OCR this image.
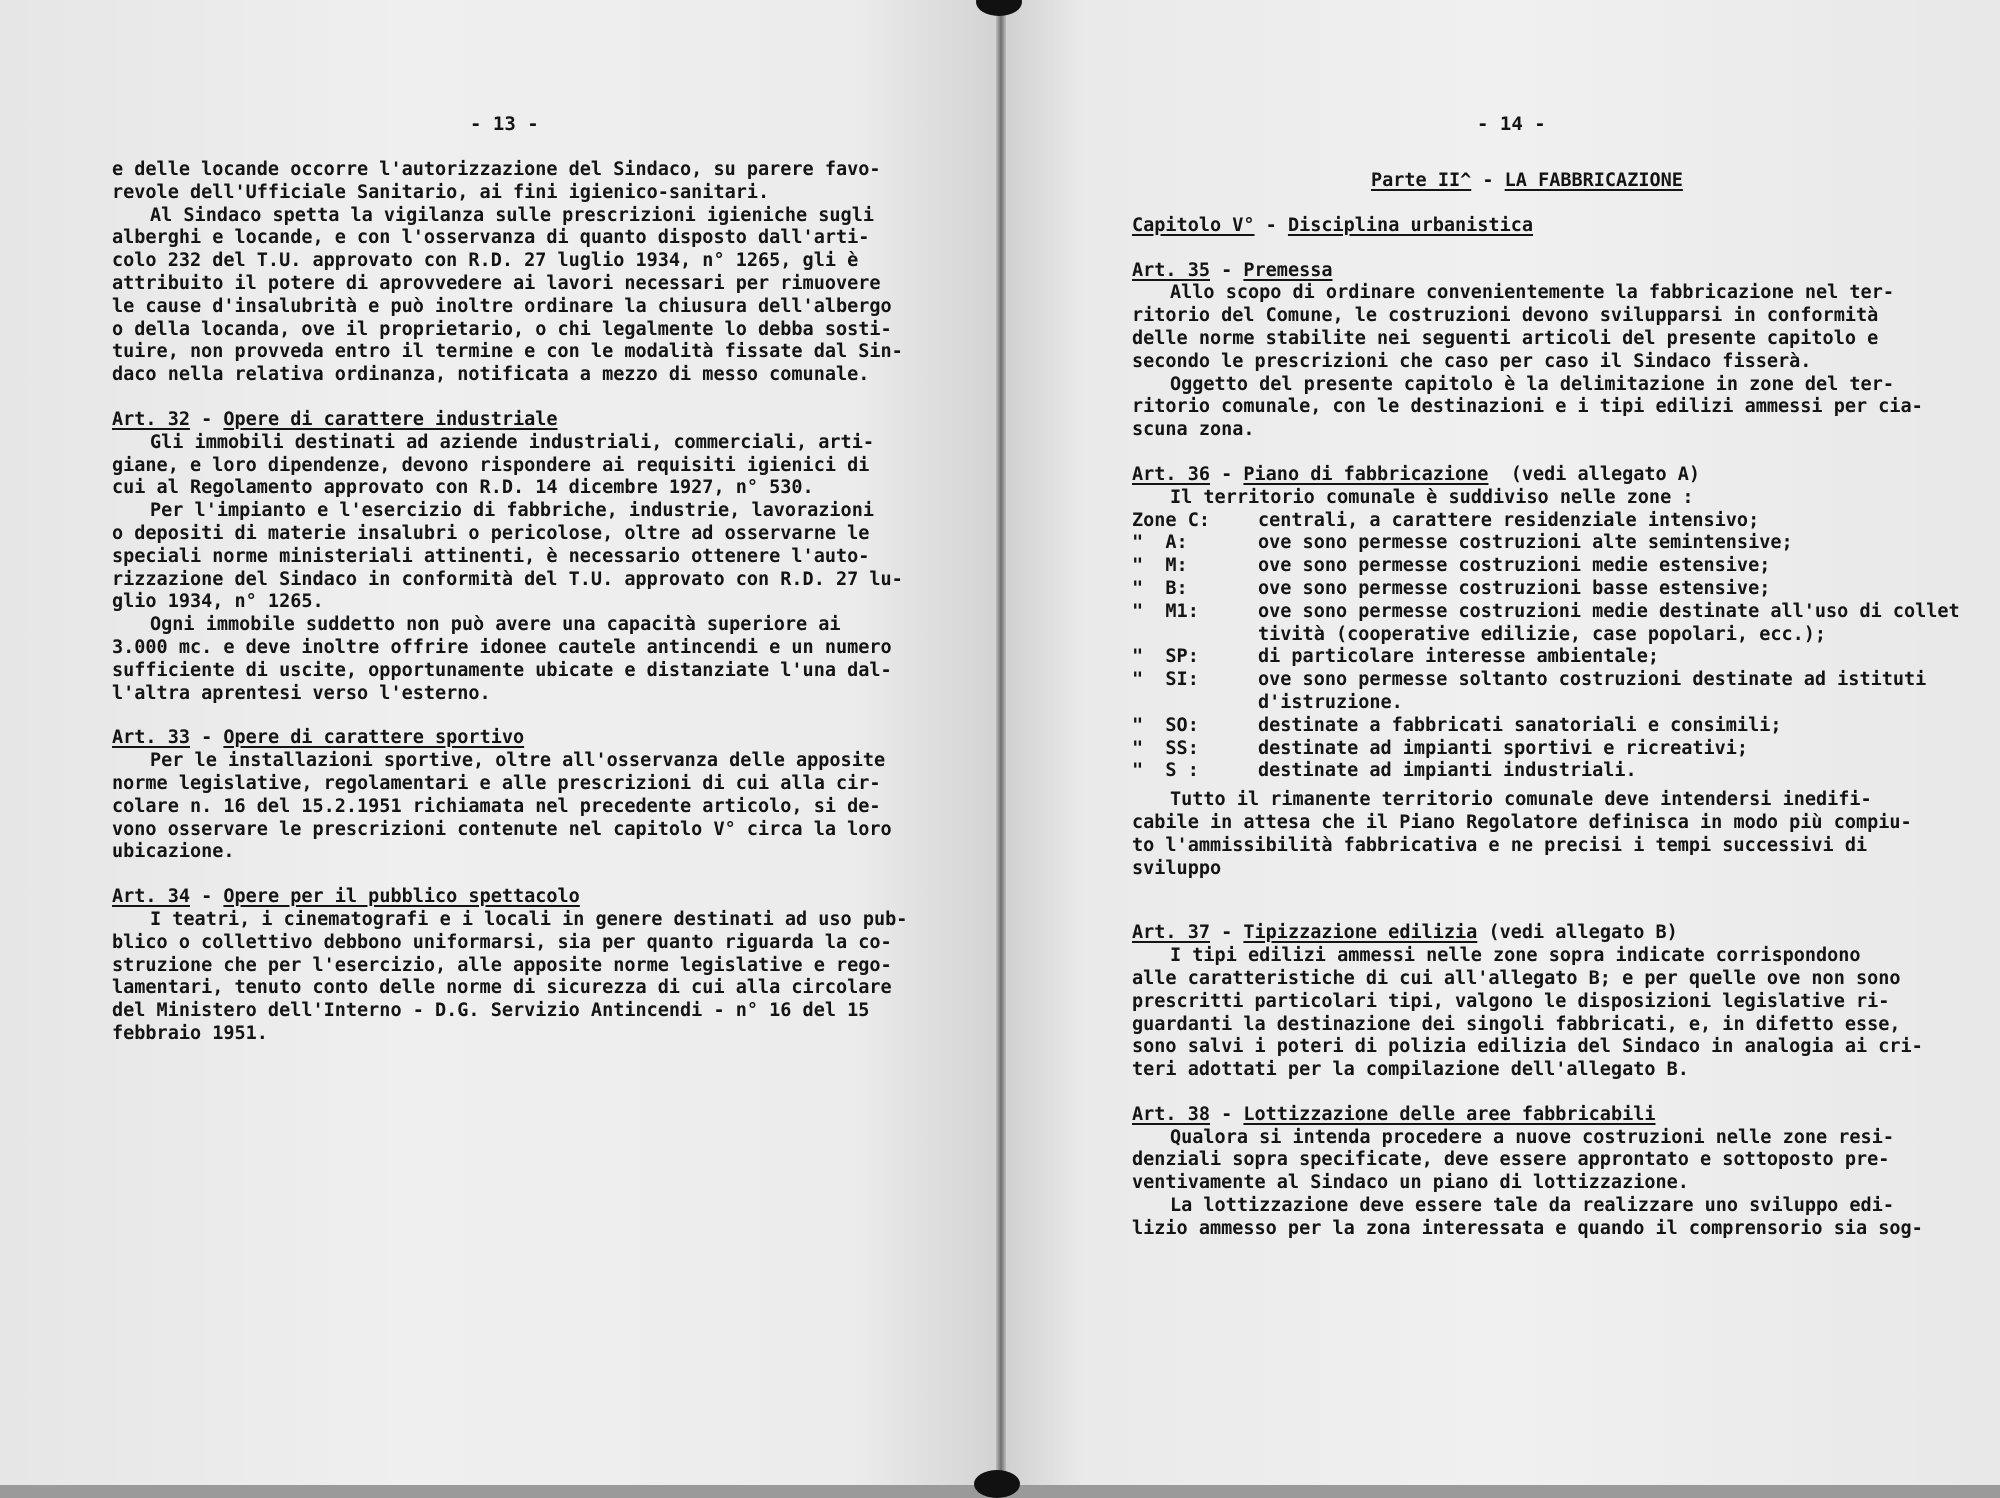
- 13 -
e delle locande occorre l'autorizzazione del Sindaco, su parere favo-
revole dell'Ufficiale Sanitario, ai fini igienico-sanitari.
Al Sindaco spetta la vigilanza sulle prescrizioni igieniche sugli
alberghi e locande, e con l'osservanza di quanto disposto dall'arti-
colo 232 del T.U. approvato con R.D. 27 luglio 1934, n° 1265, gli è
attribuito il potere di aprovvedere ai lavori necessari per rimuovere
le cause d'insalubrità e può inoltre ordinare la chiusura dell'albergo
o della locanda, ove il proprietario, o chi legalmente lo debba sosti-
tuire, non provveda entro il termine e con le modalità fissate dal Sin-
daco nella relativa ordinanza, notificata a mezzo di messo comunale.
Art. 32 - Opere di carattere industriale
Gli immobili destinati ad aziende industriali, commerciali, arti-
giane, e loro dipendenze, devono rispondere ai requisiti igienici di
cui al Regolamento approvato con R.D. 14 dicembre 1927, n° 530.
Per l'impianto e l'esercizio di fabbriche, industrie, lavorazioni
o depositi di materie insalubri o pericolose, oltre ad osservarne le
speciali norme ministeriali attinenti, è necessario ottenere l'auto-
rizzazione del Sindaco in conformità del T.U. approvato con R.D. 27 lu-
glio 1934, n° 1265.
Ogni immobile suddetto non può avere una capacità superiore ai
3.000 mc. e deve inoltre offrire idonee cautele antincendi e un numero
sufficiente di uscite, opportunamente ubicate e distanziate l'una dal-
l'altra aprentesi verso l'esterno.
Art. 33 - Opere di carattere sportivo
Per le installazioni sportive, oltre all'osservanza delle apposite
norme legislative, regolamentari e alle prescrizioni di cui alla cir-
colare n. 16 del 15.2.1951 richiamata nel precedente articolo, si de-
vono osservare le prescrizioni contenute nel capitolo V° circa la loro
ubicazione.
Art. 34 - Opere per il pubblico spettacolo
I teatri, i cinematografi e i locali in genere destinati ad uso pub-
blico o collettivo debbono uniformarsi, sia per quanto riguarda la co-
struzione che per l'esercizio, alle apposite norme legislative e rego-
lamentari, tenuto conto delle norme di sicurezza di cui alla circolare
del Ministero dell'Interno - D.G. Servizio Antincendi - n° 16 del 15
febbraio 1951.
- 14 -
Parte II^ - LA FABBRICAZIONE
Capitolo V° - Disciplina urbanistica
Art. 35 - Premessa
Allo scopo di ordinare convenientemente la fabbricazione nel ter-
ritorio del Comune, le costruzioni devono svilupparsi in conformità
delle norme stabilite nei seguenti articoli del presente capitolo e
secondo le prescrizioni che caso per caso il Sindaco fisserà.
Oggetto del presente capitolo è la delimitazione in zone del ter-
ritorio comunale, con le destinazioni e i tipi edilizi ammessi per cia-
scuna zona.
Art. 36 - Piano di fabbricazione (vedi allegato A)
Il territorio comunale è suddiviso nelle zone :
Zone C:	centrali, a carattere residenziale intensivo;
"  A:	ove sono permesse costruzioni alte semintensive;
"  M:	ove sono permesse costruzioni medie estensive;
"  B:	ove sono permesse costruzioni basse estensive;
"  M1:	ove sono permesse costruzioni medie destinate all'uso di collet
tività (cooperative edilizie, case popolari, ecc.);
"  SP:	di particolare interesse ambientale;
"  SI:	ove sono permesse soltanto costruzioni destinate ad istituti
d'istruzione.
"  SO:	destinate a fabbricati sanatoriali e consimili;
"  SS:	destinate ad impianti sportivi e ricreativi;
"  S :	destinate ad impianti industriali.
Tutto il rimanente territorio comunale deve intendersi inedifi-
cabile in attesa che il Piano Regolatore definisca in modo più compiu-
to l'ammissibilità fabbricativa e ne precisi i tempi successivi di
sviluppo
Art. 37 - Tipizzazione edilizia (vedi allegato B)
I tipi edilizi ammessi nelle zone sopra indicate corrispondono
alle caratteristiche di cui all'allegato B; e per quelle ove non sono
prescritti particolari tipi, valgono le disposizioni legislative ri-
guardanti la destinazione dei singoli fabbricati, e, in difetto esse,
sono salvi i poteri di polizia edilizia del Sindaco in analogia ai cri-
teri adottati per la compilazione dell'allegato B.
Art. 38 - Lottizzazione delle aree fabbricabili
Qualora si intenda procedere a nuove costruzioni nelle zone resi-
denziali sopra specificate, deve essere approntato e sottoposto pre-
ventivamente al Sindaco un piano di lottizzazione.
La lottizzazione deve essere tale da realizzare uno sviluppo edi-
lizio ammesso per la zona interessata e quando il comprensorio sia sog-
